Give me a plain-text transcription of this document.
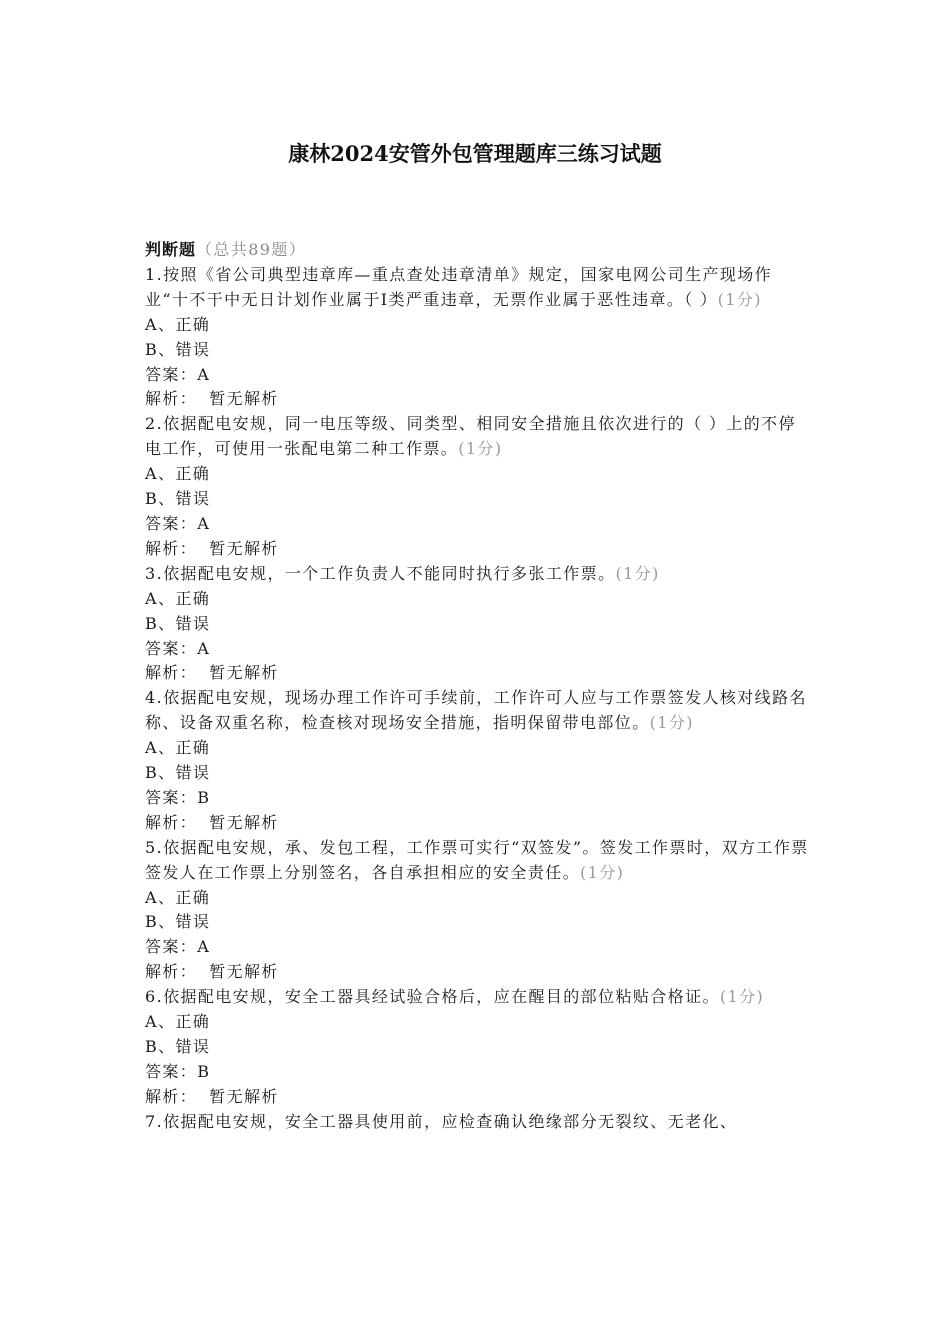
康林2024安管外包管理题库三练习试题
判断题（总共89题）
1.按照《省公司典型违章库—重点查处违章清单》规定，国家电网公司生产现场作业“十不干中无日计划作业属于I类严重违章，无票作业属于恶性违章。（ ）(1分)
A、正确
B、错误
答案：A
解析： 暂无解析
2.依据配电安规，同一电压等级、同类型、相同安全措施且依次进行的（ ）上的不停电工作，可使用一张配电第二种工作票。(1分)
A、正确
B、错误
答案：A
解析： 暂无解析
3.依据配电安规，一个工作负责人不能同时执行多张工作票。(1分)
A、正确
B、错误
答案：A
解析： 暂无解析
4.依据配电安规，现场办理工作许可手续前，工作许可人应与工作票签发人核对线路名称、设备双重名称，检查核对现场安全措施，指明保留带电部位。(1分)
A、正确
B、错误
答案：B
解析： 暂无解析
5.依据配电安规，承、发包工程，工作票可实行“双签发”。签发工作票时，双方工作票签发人在工作票上分别签名，各自承担相应的安全责任。(1分)
A、正确
B、错误
答案：A
解析： 暂无解析
6.依据配电安规，安全工器具经试验合格后，应在醒目的部位粘贴合格证。(1分)
A、正确
B、错误
答案：B
解析： 暂无解析
7.依据配电安规，安全工器具使用前，应检查确认绝缘部分无裂纹、无老化、
